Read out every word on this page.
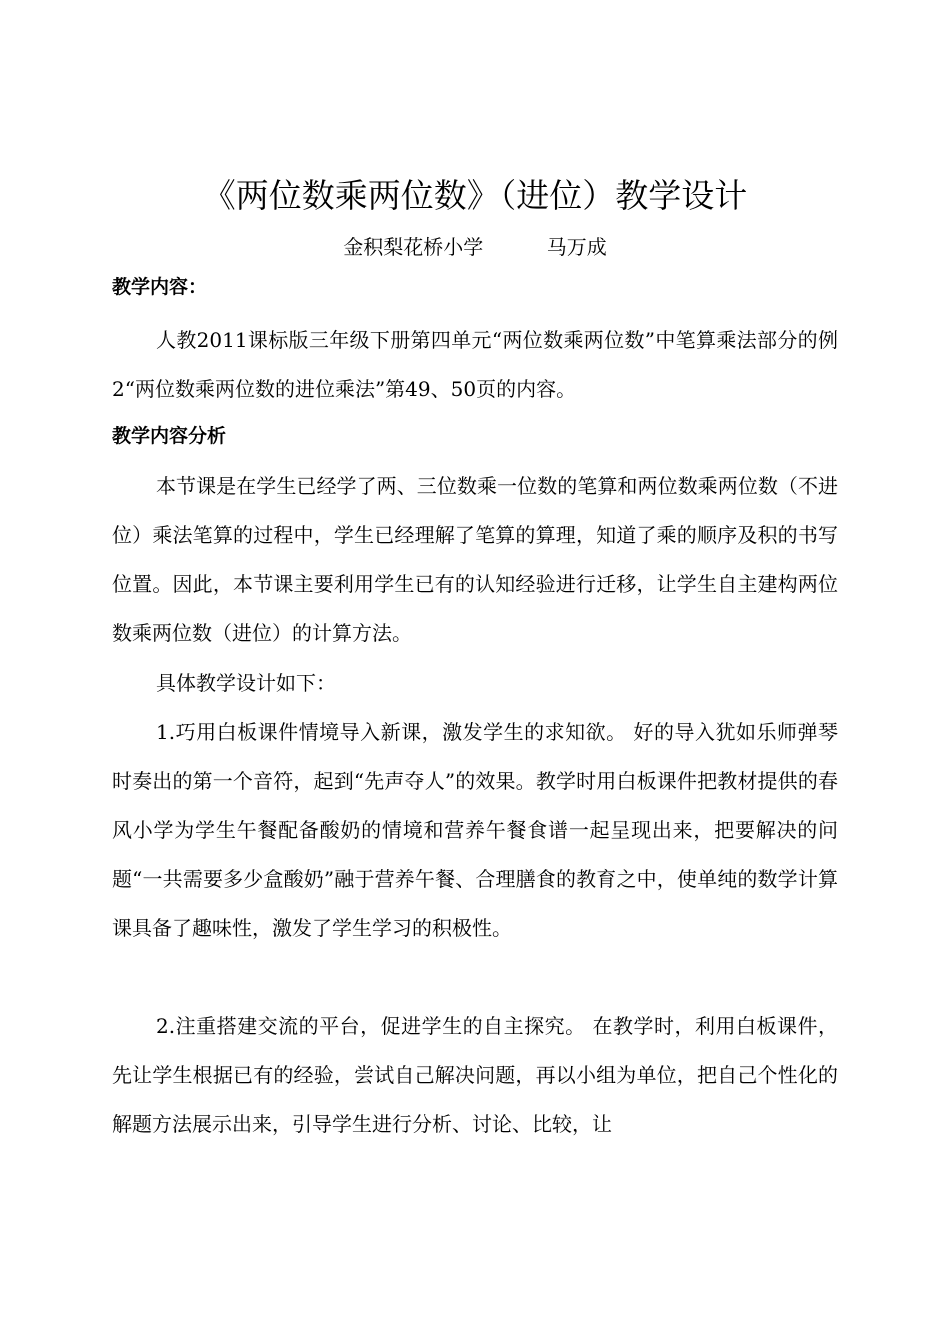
《两位数乘两位数》（进位）教学设计
金积梨花桥小学          马万成
教学内容：
人教2011课标版三年级下册第四单元“两位数乘两位数”中笔算乘法部分的例2“两位数乘两位数的进位乘法”第49、50页的内容。
教学内容分析
本节课是在学生已经学了两、三位数乘一位数的笔算和两位数乘两位数（不进位）乘法笔算的过程中，学生已经理解了笔算的算理，知道了乘的顺序及积的书写位置。因此，本节课主要利用学生已有的认知经验进行迁移，让学生自主建构两位数乘两位数（进位）的计算方法。
具体教学设计如下：
1.巧用白板课件情境导入新课，激发学生的求知欲。 好的导入犹如乐师弹琴时奏出的第一个音符，起到“先声夺人”的效果。教学时用白板课件把教材提供的春风小学为学生午餐配备酸奶的情境和营养午餐食谱一起呈现出来，把要解决的问题“一共需要多少盒酸奶”融于营养午餐、合理膳食的教育之中，使单纯的数学计算课具备了趣味性，激发了学生学习的积极性。
2.注重搭建交流的平台，促进学生的自主探究。 在教学时，利用白板课件，先让学生根据已有的经验，尝试自己解决问题，再以小组为单位，把自己个性化的解题方法展示出来，引导学生进行分析、讨论、比较，让
